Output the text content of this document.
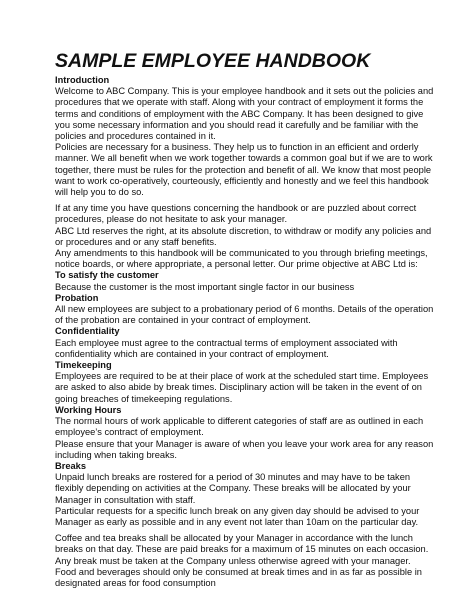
SAMPLE EMPLOYEE HANDBOOK

Introduction

Welcome to ABC Company. This is your employee handbook and it sets out the policies and procedures that we operate with staff. Along with your contract of employment it forms the terms and conditions of employment with the ABC Company. It has been designed to give you some necessary information and you should read it carefully and be familiar with the policies and procedures contained in it.

Policies are necessary for a business. They help us to function in an efficient and orderly manner. We all benefit when we work together towards a common goal but if we are to work together, there must be rules for the protection and benefit of all. We know that most people want to work co-operatively, courteously, efficiently and honestly and we feel this handbook will help you to do so.

If at any time you have questions concerning the handbook or are puzzled about correct procedures, please do not hesitate to ask your manager.

ABC Ltd reserves the right, at its absolute discretion, to withdraw or modify any policies and or procedures and or any staff benefits.

Any amendments to this handbook will be communicated to you through briefing meetings, notice boards, or where appropriate, a personal letter. Our prime objective at ABC Ltd is:

To satisfy the customer

Because the customer is the most important single factor in our business

Probation

All new employees are subject to a probationary period of 6 months. Details of the operation of the probation are contained in your contract of employment.

Confidentiality

Each employee must agree to the contractual terms of employment associated with confidentiality which are contained in your contract of employment.

Timekeeping

Employees are required to be at their place of work at the scheduled start time. Employees are asked to also abide by break times. Disciplinary action will be taken in the event of on going breaches of timekeeping regulations.

Working Hours

The normal hours of work applicable to different categories of staff are as outlined in each employee’s contract of employment.

Please ensure that your Manager is aware of when you leave your work area for any reason including when taking breaks.

Breaks

Unpaid lunch breaks are rostered for a period of 30 minutes and may have to be taken flexibly depending on activities at the Company. These breaks will be allocated by your Manager in consultation with staff.

Particular requests for a specific lunch break on any given day should be advised to your Manager as early as possible and in any event not later than 10am on the particular day.

Coffee and tea breaks shall be allocated by your Manager in accordance with the lunch breaks on that day. These are paid breaks for a maximum of 15 minutes on each occasion. Any break must be taken at the Company unless otherwise agreed with your manager.

Food and beverages should only be consumed at break times and in as far as possible in designated areas for food consumption
